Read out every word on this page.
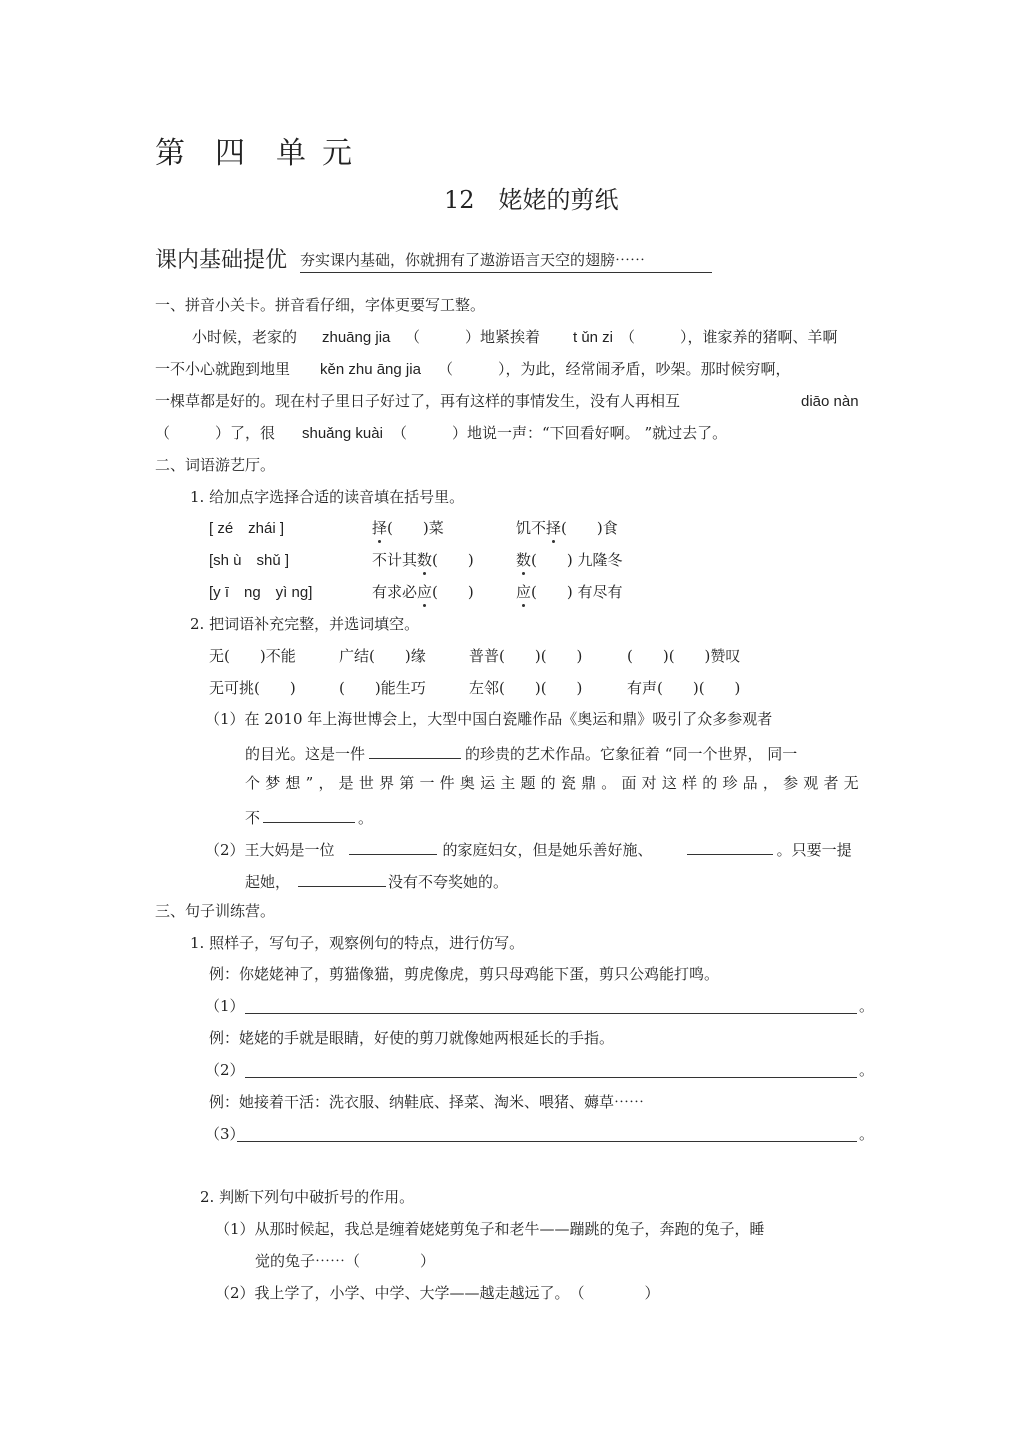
第 四 单 元
12　姥姥的剪纸
课内基础提优 夯实课内基础，你就拥有了遨游语言天空的翅膀⋯⋯
一、拼音小关卡。拼音看仔细，字体更要写工整。
小时候，老家的 zhuāng jia （　　　）地紧挨着 t ǔn zi （　　　），谁家养的猪啊、羊啊
一不小心就跑到地里 kěn zhu āng jia （　　　），为此，经常闹矛盾，吵架。那时候穷啊，
一棵草都是好的。现在村子里日子好过了，再有这样的事情发生，没有人再相互	diāo nàn
（　　　）了，很 shuǎng kuài （　　　）地说一声：“下回看好啊。 ”就过去了。
二、词语游艺厅。
1. 给加点字选择合适的读音填在括号里。
[ zé　zhái ]	择(　　)菜	饥不择(　　)食
[sh ù　shǔ ]	不计其数(　　)	数(　　) 九隆冬
[y ī　ng　yì ng]	有求必应(　　)	应(　　) 有尽有
2. 把词语补充完整，并选词填空。
无(　　)不能	广结(　　)缘	普普(　　)(　　)	(　　)(　　)赞叹
无可挑(　　)	(　　)能生巧	左邻(　　)(　　)	有声(　　)(　　)
（1）在 2010 年上海世博会上，大型中国白瓷雕作品《奥运和鼎》吸引了众多参观者
的目光。这是一件	的珍贵的艺术作品。它象征着 “同一个世界， 同一
个梦想”，是世界第一件奥运主题的瓷鼎。面对这样的珍品，参观者无
不	。
（2）王大妈是一位	的家庭妇女，但是她乐善好施、	。只要一提
起她，	没有不夸奖她的。
三、句子训练营。
1. 照样子，写句子，观察例句的特点，进行仿写。
例：你姥姥神了，剪猫像猫，剪虎像虎，剪只母鸡能下蛋，剪只公鸡能打鸣。
（1）	。
例：姥姥的手就是眼睛，好使的剪刀就像她两根延长的手指。
（2）	。
例：她接着干活：洗衣服、纳鞋底、择菜、淘米、喂猪、薅草⋯⋯
（3）	。
2. 判断下列句中破折号的作用。
（1）从那时候起，我总是缠着姥姥剪兔子和老牛——蹦跳的兔子，奔跑的兔子，睡
觉的兔子⋯⋯（　　　　）
（2）我上学了，小学、中学、大学——越走越远了。　（　　　　）
